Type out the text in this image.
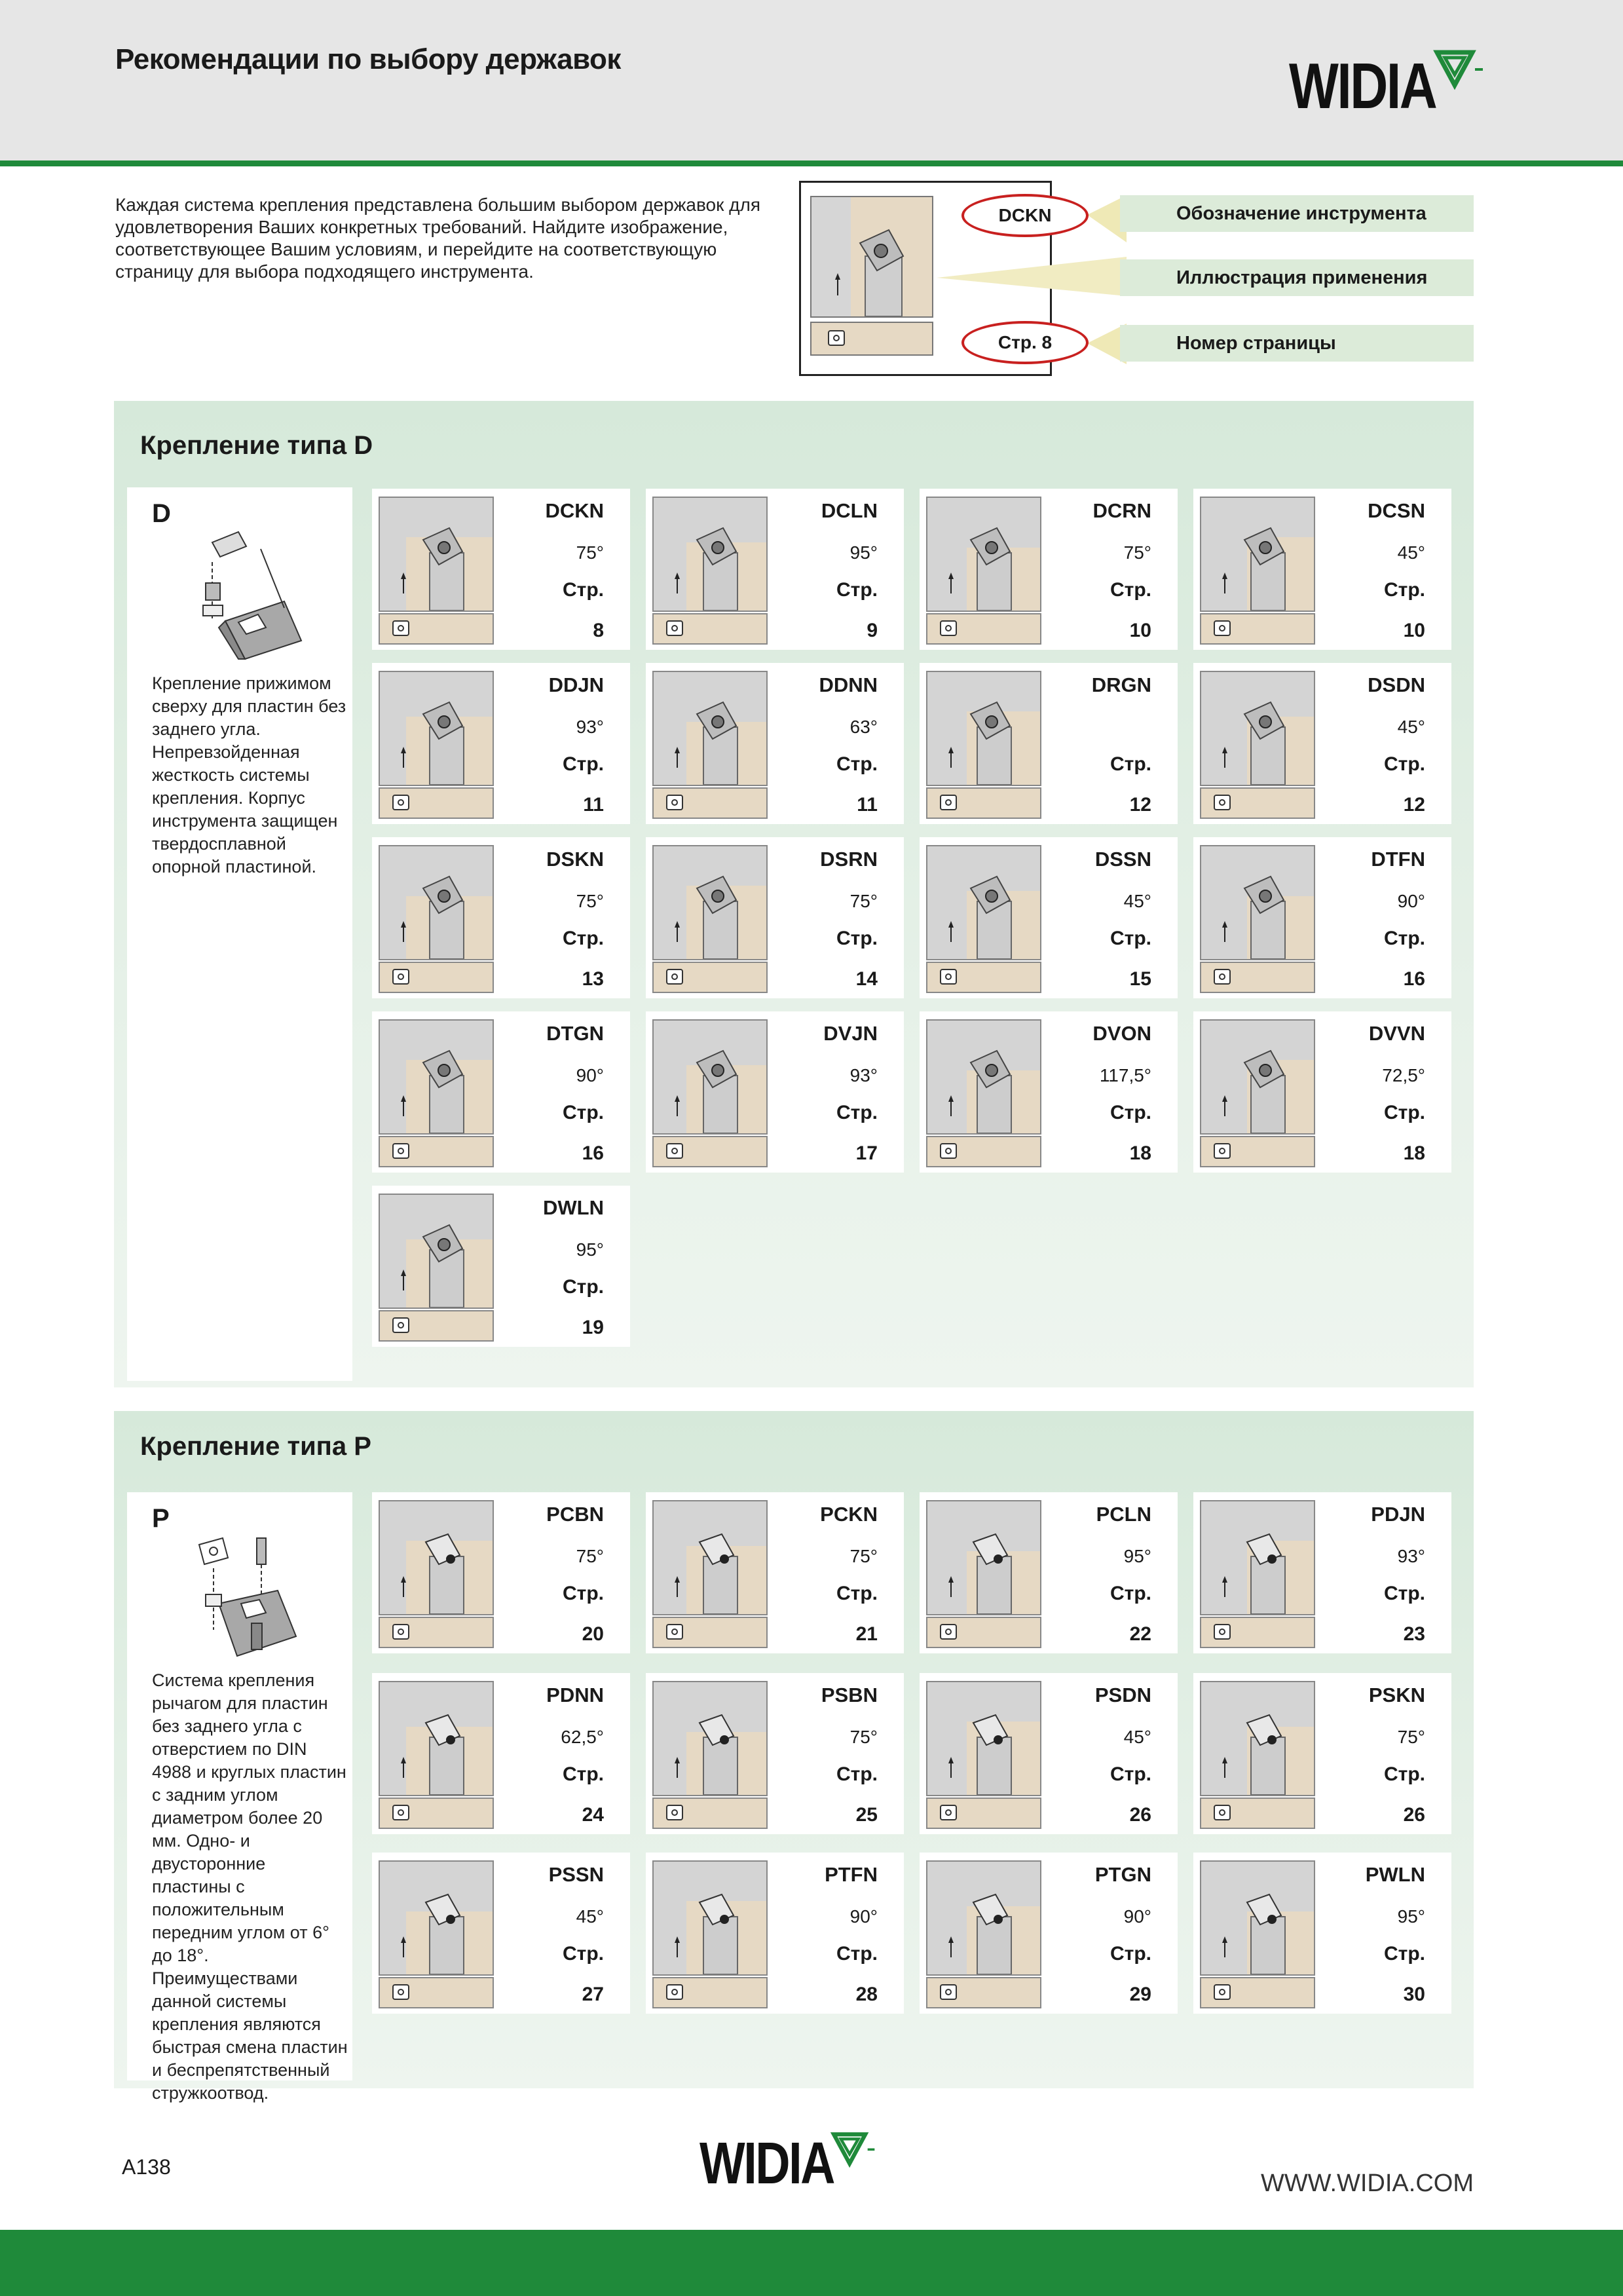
Рекомендации по выбору державок	WIDIA
Каждая система крепления представлена большим выбором державок для удовлетворения Ваших конкретных требований. Найдите изображение, соответствующее Вашим условиям, и перейдите на соответствующую страницу для выбора подходящего инструмента.
DCKN
Стр. 8
Обозначение инструмента
Иллюстрация применения
Номер страницы
Крепление типа D
D
Крепление прижимом сверху для пластин без заднего угла. Непревзойденная жесткость системы крепления. Корпус инструмента защищен твердосплавной опорной пластиной.
DCKN
75°
Стр.
8
DCLN
95°
Стр.
9
DCRN
75°
Стр.
10
DCSN
45°
Стр.
10
DDJN
93°
Стр.
11
DDNN
63°
Стр.
11
DRGN
Стр.
12
DSDN
45°
Стр.
12
DSKN
75°
Стр.
13
DSRN
75°
Стр.
14
DSSN
45°
Стр.
15
DTFN
90°
Стр.
16
DTGN
90°
Стр.
16
DVJN
93°
Стр.
17
DVON
117,5°
Стр.
18
DVVN
72,5°
Стр.
18
DWLN
95°
Стр.
19
Крепление типа P
P
Система крепления рычагом для пластин без заднего угла с отверстием по DIN 4988 и круглых пластин с задним углом диаметром более 20 мм. Одно- и двусторонние пластины с положительным передним углом от 6° до 18°. Преимуществами данной системы крепления являются быстрая смена пластин и беспрепятственный стружкоотвод.
PCBN
75°
Стр.
20
PCKN
75°
Стр.
21
PCLN
95°
Стр.
22
PDJN
93°
Стр.
23
PDNN
62,5°
Стр.
24
PSBN
75°
Стр.
25
PSDN
45°
Стр.
26
PSKN
75°
Стр.
26
PSSN
45°
Стр.
27
PTFN
90°
Стр.
28
PTGN
90°
Стр.
29
PWLN
95°
Стр.
30
A138	WIDIA	WWW.WIDIA.COM
